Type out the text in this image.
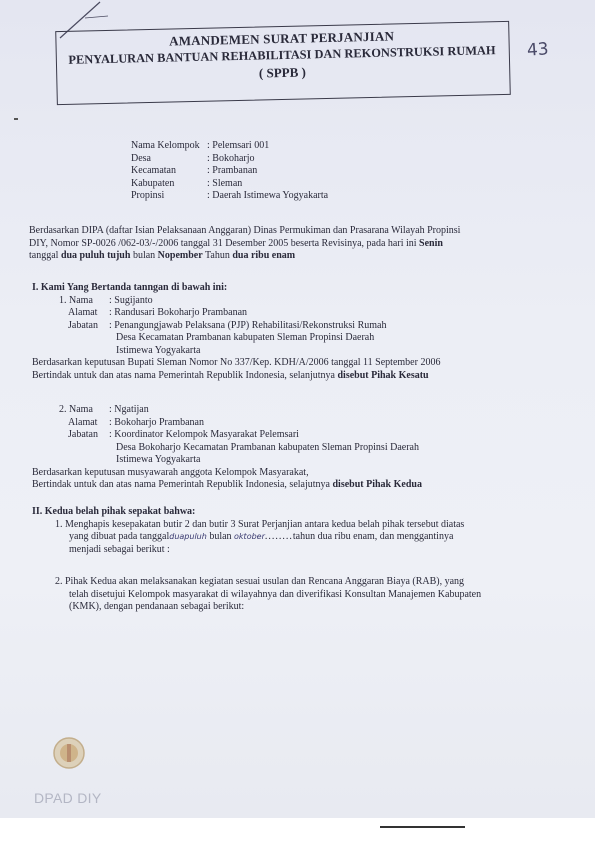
AMANDEMEN SURAT PERJANJIAN
PENYALURAN BANTUAN REHABILITASI DAN REKONSTRUKSI RUMAH
( SPPB )
43
Nama Kelompok : Pelemsari 001
Desa	: Bokoharjo
Kecamatan	: Prambanan
Kabupaten	: Sleman
Propinsi	: Daerah Istimewa Yogyakarta
Berdasarkan DIPA (daftar Isian Pelaksanaan Anggaran) Dinas Permukiman dan Prasarana Wilayah Propinsi
DIY, Nomor SP-0026 /062-03/-/2006 tanggal 31 Desember 2005 beserta Revisinya, pada hari ini Senin
tanggal dua puluh tujuh bulan Nopember Tahun dua ribu enam
I. Kami Yang Bertanda tanngan di bawah ini:
1. Nama	: Sugijanto
Alamat	: Randusari Bokoharjo Prambanan
Jabatan	: Penangungjawab Pelaksana (PJP) Rehabilitasi/Rekonstruksi Rumah
Desa Kecamatan Prambanan kabupaten Sleman Propinsi Daerah
Istimewa Yogyakarta
Berdasarkan keputusan Bupati Sleman Nomor No 337/Kep. KDH/A/2006 tanggal 11 September 2006
Bertindak untuk dan atas nama Pemerintah Republik Indonesia, selanjutnya disebut Pihak Kesatu
2. Nama	: Ngatijan
Alamat	: Bokoharjo Prambanan
Jabatan	: Koordinator Kelompok Masyarakat Pelemsari
Desa Bokoharjo Kecamatan Prambanan kabupaten Sleman Propinsi Daerah
Istimewa Yogyakarta
Berdasarkan keputusan musyawarah anggota Kelompok Masyarakat,
Bertindak untuk dan atas nama Pemerintah Republik Indonesia, selajutnya disebut Pihak Kedua
II. Kedua belah pihak sepakat bahwa:
1. Menghapis kesepakatan butir 2 dan butir 3 Surat Perjanjian antara kedua belah pihak tersebut diatas
yang dibuat pada tanggalduapuluh bulan oktober........tahun dua ribu enam, dan menggantinya
menjadi sebagai berikut :
2. Pihak Kedua akan melaksanakan kegiatan sesuai usulan dan Rencana Anggaran Biaya (RAB), yang
telah disetujui Kelompok masyarakat di wilayahnya dan diverifikasi Konsultan Manajemen Kabupaten
(KMK), dengan pendanaan sebagai berikut:
DPAD DIY
